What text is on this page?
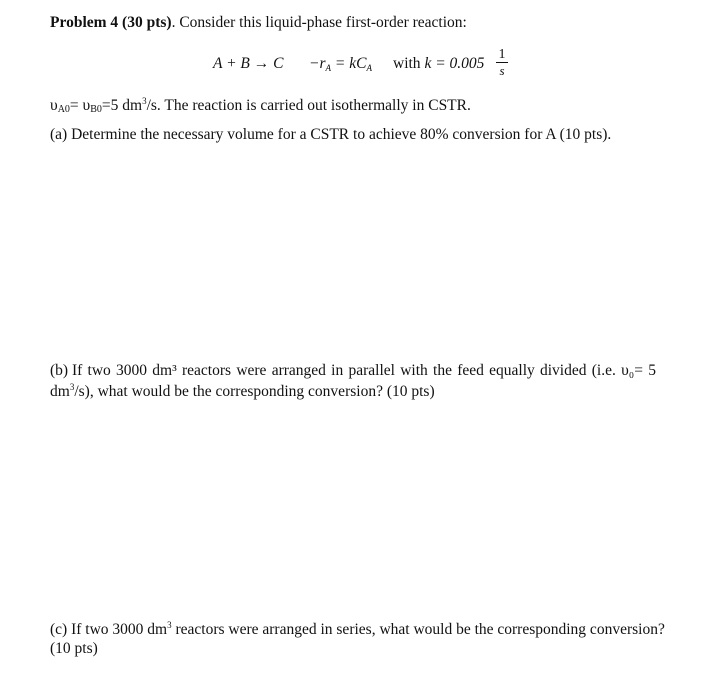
Problem 4 (30 pts). Consider this liquid-phase first-order reaction:
$A + B \to C -r_A = kC_A$ with $k = 0.005 \frac{1}{s}$
υA0= υB0=5 $dm^3/s$. The reaction is carried out isothermally in CSTR.
(a) Determine the necessary volume for a CSTR to achieve 80% conversion for A (10 pts).
(b) If two 3000 dm³ reactors were arranged in parallel with the feed equally divided (i.e. υ₀= 5
$dm^3/s$), what would be the corresponding conversion? (10 pts)
(c) If two 3000 $dm^3$ reactors were arranged in series, what would be the corresponding conversion?
(10 pts)
